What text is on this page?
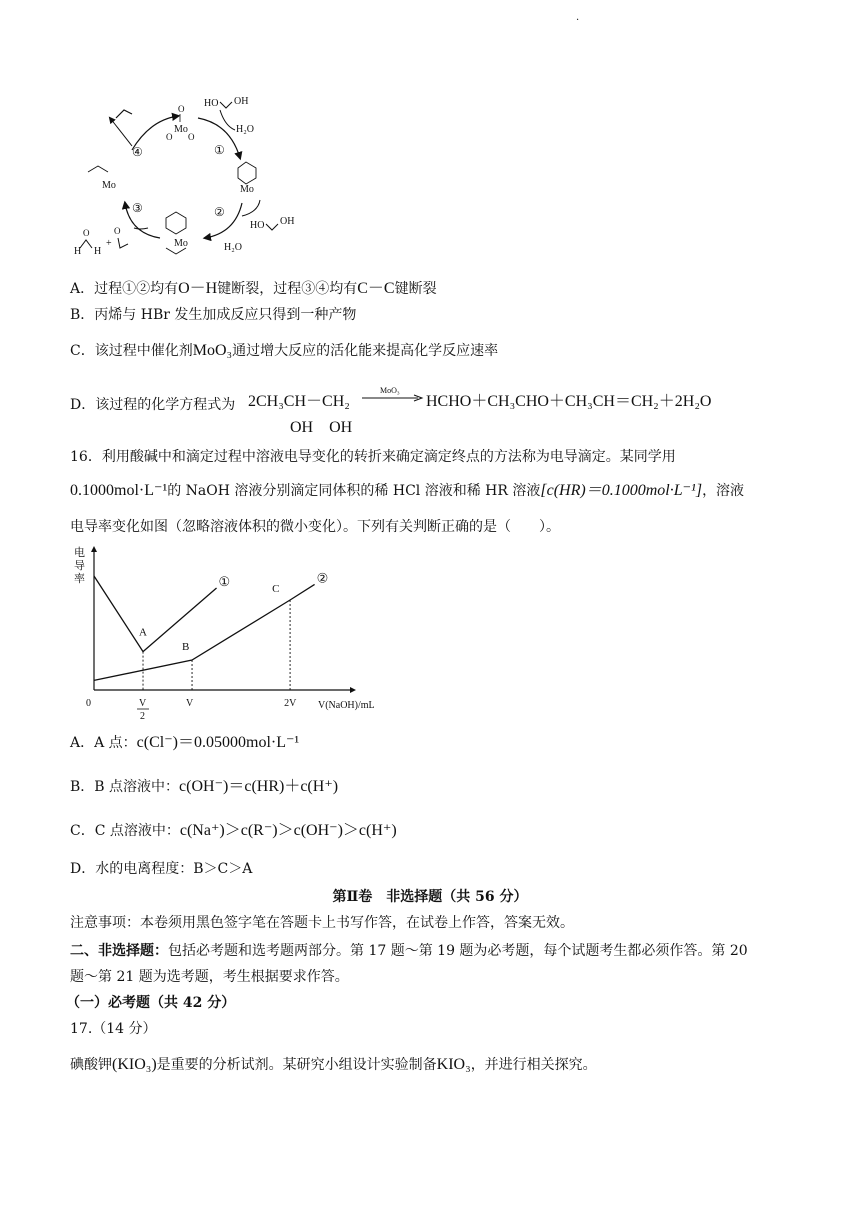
.
Mo
O
O O
HO OH
H₂O
Mo
HO OH
H₂O
Mo
Mo
H H
O
+
O
④	①
②
③
A．过程①②均有O－H键断裂，过程③④均有C－C键断裂
B．丙烯与 HBr 发生加成反应只得到一种产物
C．该过程中催化剂MoO₃通过增大反应的活化能来提高化学反应速率
D．该过程的化学方程式为 2CH₃CH－CH₂
MoO₃
→ HCHO＋CH₃CHO＋CH₃CH＝CH₂＋2H₂O
OH　OH
16．利用酸碱中和滴定过程中溶液电导变化的转折来确定滴定终点的方法称为电导滴定。某同学用
0.1000mol·L⁻¹的 NaOH 溶液分别滴定同体积的稀 HCl 溶液和稀 HR 溶液[c(HR)＝0.1000mol·L⁻¹]，溶液
电导率变化如图（忽略溶液体积的微小变化）。下列有关判断正确的是（　　）。
电
导
率
V(NaOH)/mL
0	V
2
V	2V
①	②
A
B
C
A．A 点：c(Cl⁻)＝0.05000mol·L⁻¹
B．B 点溶液中：c(OH⁻)＝c(HR)＋c(H⁺)
C．C 点溶液中：c(Na⁺)＞c(R⁻)＞c(OH⁻)＞c(H⁺)
D．水的电离程度：B＞C＞A
第Ⅱ卷　非选择题（共 56 分）
注意事项：本卷须用黑色签字笔在答题卡上书写作答，在试卷上作答，答案无效。
二、非选择题：包括必考题和选考题两部分。第 17 题～第 19 题为必考题，每个试题考生都必须作答。第 20
题～第 21 题为选考题，考生根据要求作答。
（一）必考题（共 42 分）
17.（14 分）
碘酸钾(KIO₃)是重要的分析试剂。某研究小组设计实验制备KIO₃，并进行相关探究。
